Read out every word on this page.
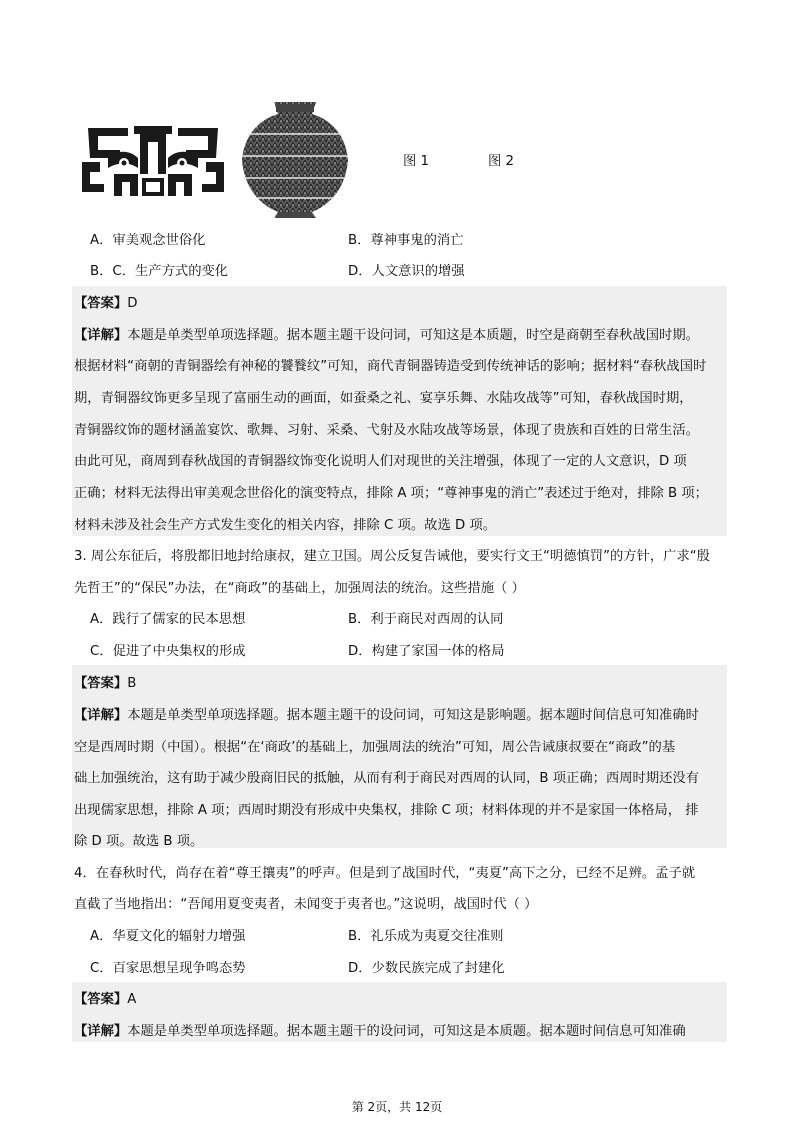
图 1	图 2
A．审美观念世俗化	B．尊神事鬼的消亡
B．C．生产方式的变化	D．人文意识的增强
【答案】D
【详解】本题是单类型单项选择题。据本题主题干设问词，可知这是本质题，时空是商朝至春秋战国时期。
根据材料“商朝的青铜器绘有神秘的饕餮纹”可知，商代青铜器铸造受到传统神话的影响；据材料“春秋战国时
期，青铜器纹饰更多呈现了富丽生动的画面，如蚕桑之礼、宴享乐舞、水陆攻战等”可知，春秋战国时期，
青铜器纹饰的题材涵盖宴饮、歌舞、习射、采桑、弋射及水陆攻战等场景，体现了贵族和百姓的日常生活。
由此可见，商周到春秋战国的青铜器纹饰变化说明人们对现世的关注增强，体现了一定的人文意识，D 项
正确；材料无法得出审美观念世俗化的演变特点，排除 A 项；“尊神事鬼的消亡”表述过于绝对，排除 B 项；
材料未涉及社会生产方式发生变化的相关内容，排除 C 项。故选 D 项。
3. 周公东征后，将殷都旧地封给康叔，建立卫国。周公反复告诫他，要实行文王“明德慎罚”的方针，广求“殷
先哲王”的“保民”办法，在“商政”的基础上，加强周法的统治。这些措施（ ）
A．践行了儒家的民本思想	B．利于商民对西周的认同
C．促进了中央集权的形成	D．构建了家国一体的格局
【答案】B
【详解】本题是单类型单项选择题。据本题主题干的设问词，可知这是影响题。据本题时间信息可知准确时
空是西周时期（中国）。根据“在‘商政’的基础上，加强周法的统治”可知，周公告诫康叔要在“商政”的基
础上加强统治，这有助于减少殷商旧民的抵触，从而有利于商民对西周的认同，B 项正确；西周时期还没有
出现儒家思想，排除 A 项；西周时期没有形成中央集权，排除 C 项；材料体现的并不是家国一体格局， 排
除 D 项。故选 B 项。
4．在春秋时代，尚存在着“尊王攘夷”的呼声。但是到了战国时代，“夷夏”高下之分，已经不足辨。孟子就
直截了当地指出：“吾闻用夏变夷者，未闻变于夷者也。”这说明，战国时代（ ）
A．华夏文化的辐射力增强	B．礼乐成为夷夏交往准则
C．百家思想呈现争鸣态势	D．少数民族完成了封建化
【答案】A
【详解】本题是单类型单项选择题。据本题主题干的设问词，可知这是本质题。据本题时间信息可知准确
第 2页，共 12页
